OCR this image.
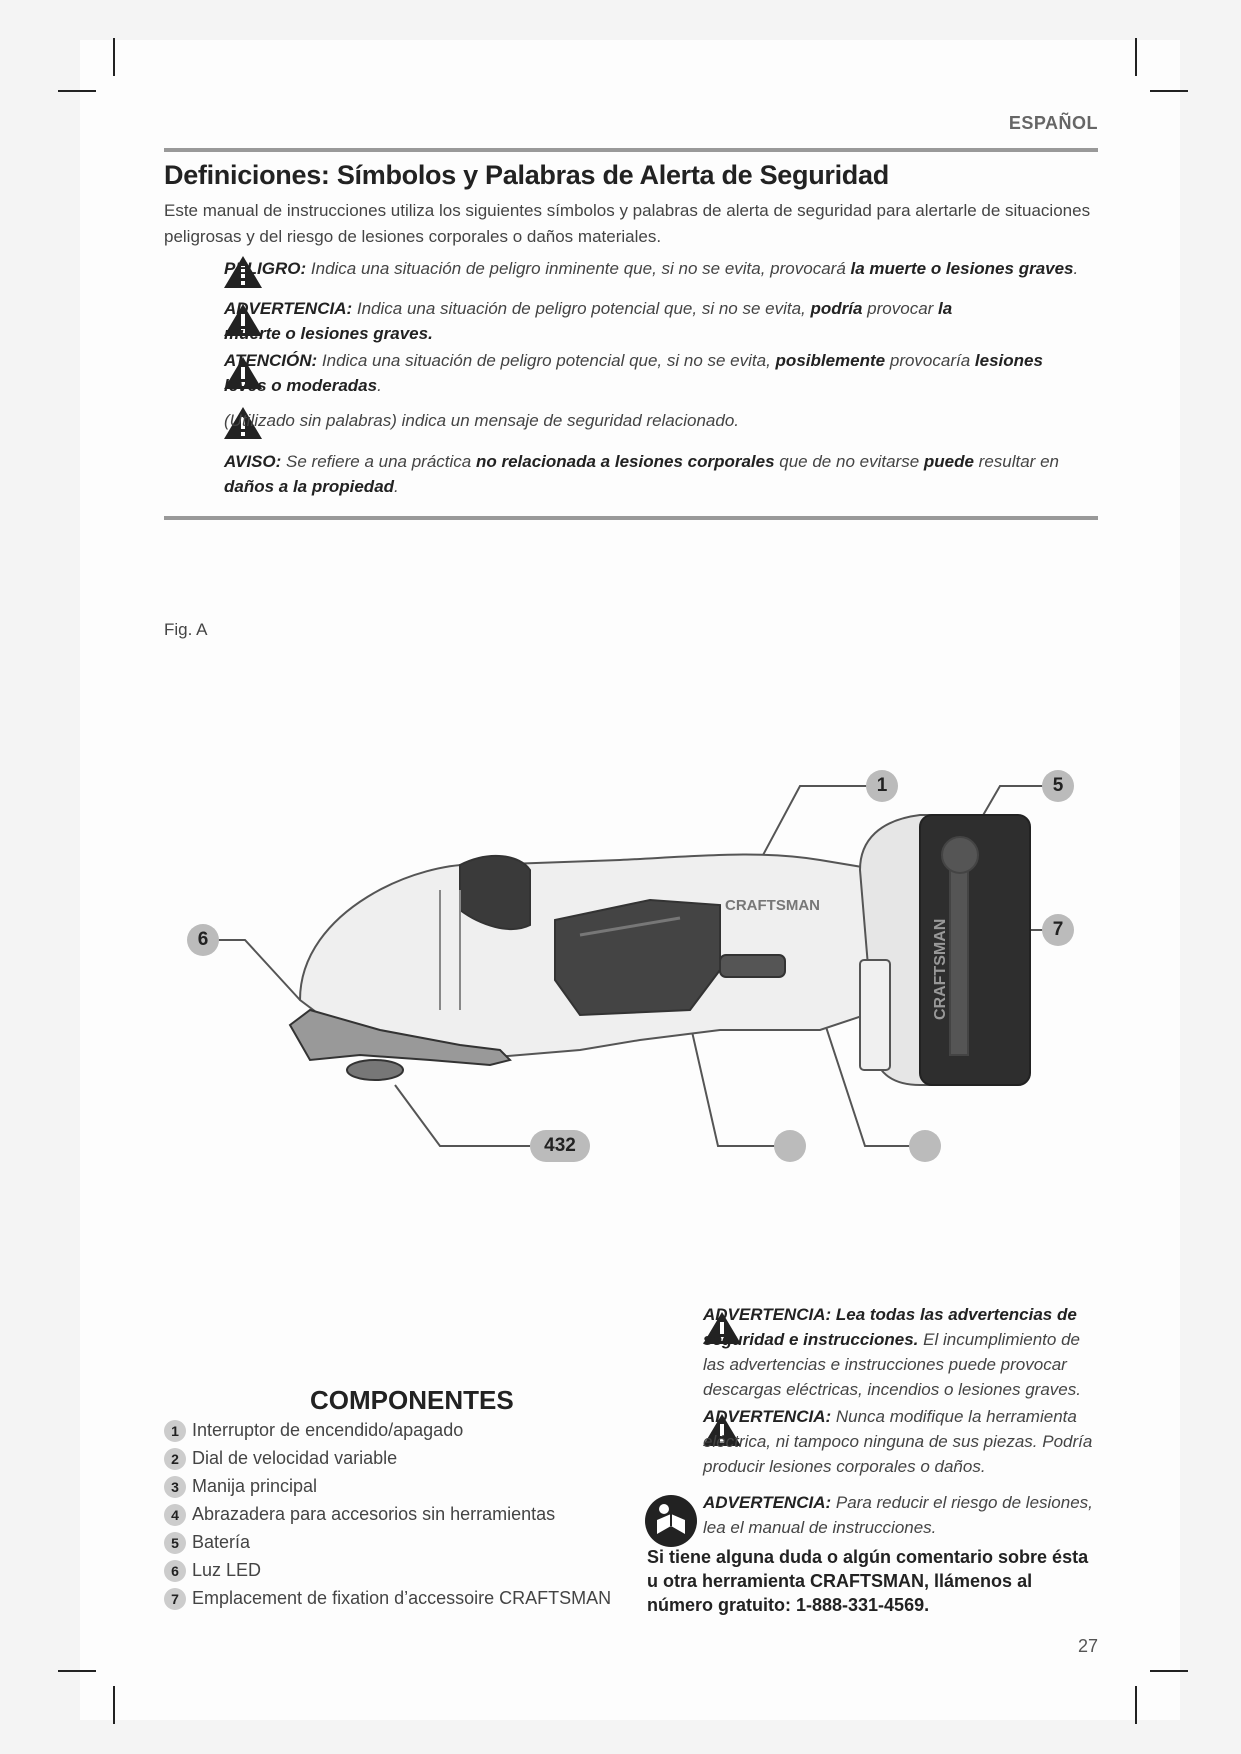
ESPAÑOL
Definiciones: Símbolos y Palabras de Alerta de Seguridad
Este manual de instrucciones utiliza los siguientes símbolos y palabras de alerta de seguridad para alertarle de situaciones peligrosas y del riesgo de lesiones corporales o daños materiales.
PELIGRO: Indica una situación de peligro inminente que, si no se evita, provocará la muerte o lesiones graves.
ADVERTENCIA: Indica una situación de peligro potencial que, si no se evita, podría provocar la muerte o lesiones graves.
ATENCIÓN: Indica una situación de peligro potencial que, si no se evita, posiblemente provocaría lesiones leves o moderadas.
(Utilizado sin palabras) indica un mensaje de seguridad relacionado.
AVISO: Se refiere a una práctica no relacionada a lesiones corporales que de no evitarse puede resultar en daños a la propiedad.
Fig. A
CRAFTSMAN
CRAFTSMAN
1	5
6	7
432
COMPONENTES
1 Interruptor de encendido/apagado
2 Dial de velocidad variable
3 Manija principal
4 Abrazadera para accesorios sin herramientas
5 Batería
6 Luz LED
7 Emplacement de fixation d’accessoire CRAFTSMAN
ADVERTENCIA: Lea todas las advertencias de seguridad e instrucciones. El incumplimiento de las advertencias e instrucciones puede provocar descargas eléctricas, incendios o lesiones graves.
ADVERTENCIA: Nunca modifique la herramienta eléctrica, ni tampoco ninguna de sus piezas. Podría producir lesiones corporales o daños.
ADVERTENCIA: Para reducir el riesgo de lesiones, lea el manual de instrucciones.
Si tiene alguna duda o algún comentario sobre ésta u otra herramienta CRAFTSMAN, llámenos al número gratuito: 1-888-331-4569.
27
